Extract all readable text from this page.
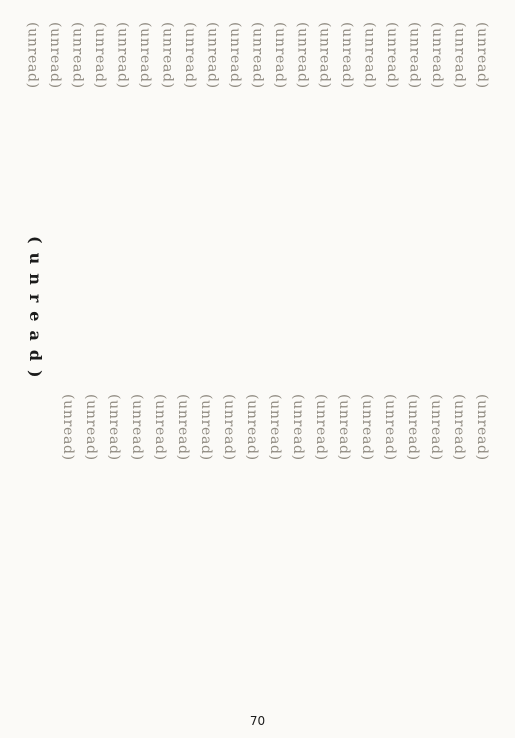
(unread)
(unread)
(unread)
(unread)
(unread)
(unread)
(unread)
(unread)
(unread)
(unread)
(unread)
(unread)
(unread)
(unread)
(unread)
(unread)
(unread)
(unread)
(unread)
(unread)
(unread)
(unread)
(unread)
(unread)
(unread)
(unread)
(unread)
(unread)
(unread)
(unread)
(unread)
(unread)
(unread)
(unread)
(unread)
(unread)
(unread)
(unread)
(unread)
(unread)
(unread)
70
